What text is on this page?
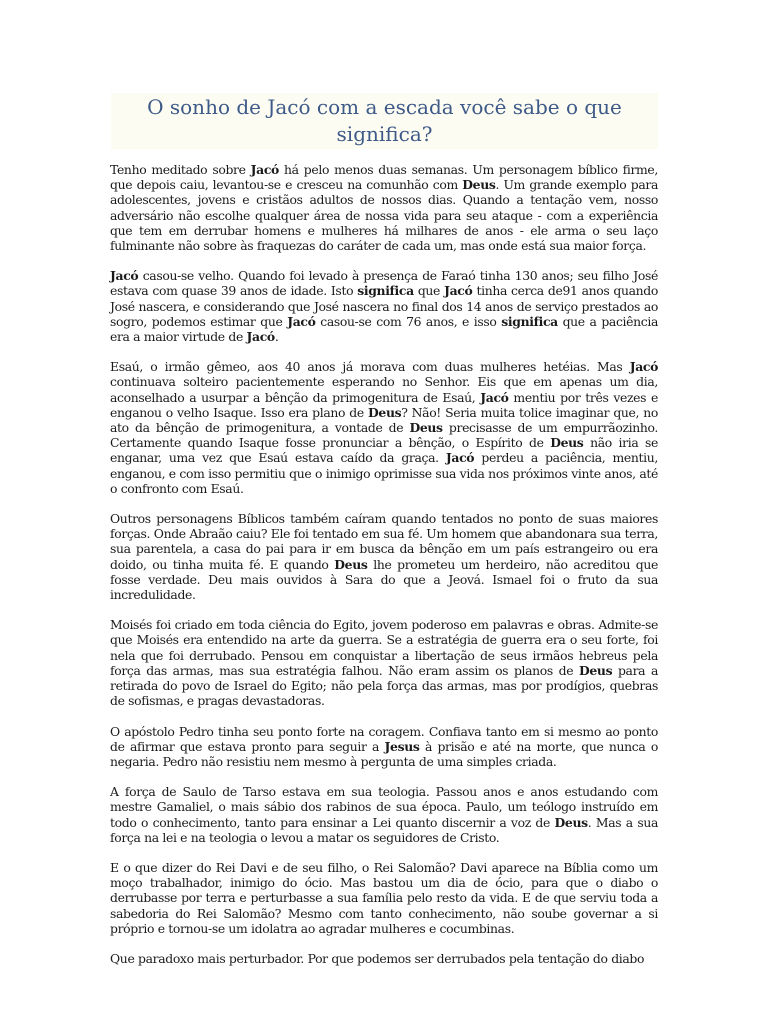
O sonho de Jacó com a escada você sabe o que significa?

Tenho meditado sobre Jacó há pelo menos duas semanas. Um personagem bíblico firme, que depois caiu, levantou-se e cresceu na comunhão com Deus. Um grande exemplo para adolescentes, jovens e cristãos adultos de nossos dias. Quando a tentação vem, nosso adversário não escolhe qualquer área de nossa vida para seu ataque - com a experiência que tem em derrubar homens e mulheres há milhares de anos - ele arma o seu laço fulminante não sobre às fraquezas do caráter de cada um, mas onde está sua maior força.

Jacó casou-se velho. Quando foi levado à presença de Faraó tinha 130 anos; seu filho José estava com quase 39 anos de idade. Isto significa que Jacó tinha cerca de91 anos quando José nascera, e considerando que José nascera no final dos 14 anos de serviço prestados ao sogro, podemos estimar que Jacó casou-se com 76 anos, e isso significa que a paciência era a maior virtude de Jacó.

Esaú, o irmão gêmeo, aos 40 anos já morava com duas mulheres hetéias. Mas Jacó continuava solteiro pacientemente esperando no Senhor. Eis que em apenas um dia, aconselhado a usurpar a bênção da primogenitura de Esaú, Jacó mentiu por três vezes e enganou o velho Isaque. Isso era plano de Deus? Não! Seria muita tolice imaginar que, no ato da bênção de primogenitura, a vontade de Deus precisasse de um empurrãozinho. Certamente quando Isaque fosse pronunciar a bênção, o Espírito de Deus não iria se enganar, uma vez que Esaú estava caído da graça. Jacó perdeu a paciência, mentiu, enganou, e com isso permitiu que o inimigo oprimisse sua vida nos próximos vinte anos, até o confronto com Esaú.

Outros personagens Bíblicos também caíram quando tentados no ponto de suas maiores forças. Onde Abraão caiu? Ele foi tentado em sua fé. Um homem que abandonara sua terra, sua parentela, a casa do pai para ir em busca da bênção em um país estrangeiro ou era doido, ou tinha muita fé. E quando Deus lhe prometeu um herdeiro, não acreditou que fosse verdade. Deu mais ouvidos à Sara do que a Jeová. Ismael foi o fruto da sua incredulidade.

Moisés foi criado em toda ciência do Egito, jovem poderoso em palavras e obras. Admite-se que Moisés era entendido na arte da guerra. Se a estratégia de guerra era o seu forte, foi nela que foi derrubado. Pensou em conquistar a libertação de seus irmãos hebreus pela força das armas, mas sua estratégia falhou. Não eram assim os planos de Deus para a retirada do povo de Israel do Egito; não pela força das armas, mas por prodígios, quebras de sofismas, e pragas devastadoras.

O apóstolo Pedro tinha seu ponto forte na coragem. Confiava tanto em si mesmo ao ponto de afirmar que estava pronto para seguir a Jesus à prisão e até na morte, que nunca o negaria. Pedro não resistiu nem mesmo à pergunta de uma simples criada.

A força de Saulo de Tarso estava em sua teologia. Passou anos e anos estudando com mestre Gamaliel, o mais sábio dos rabinos de sua época. Paulo, um teólogo instruído em todo o conhecimento, tanto para ensinar a Lei quanto discernir a voz de Deus. Mas a sua força na lei e na teologia o levou a matar os seguidores de Cristo.

E o que dizer do Rei Davi e de seu filho, o Rei Salomão? Davi aparece na Bíblia como um moço trabalhador, inimigo do ócio. Mas bastou um dia de ócio, para que o diabo o derrubasse por terra e perturbasse a sua família pelo resto da vida. E de que serviu toda a sabedoria do Rei Salomão? Mesmo com tanto conhecimento, não soube governar a si próprio e tornou-se um idolatra ao agradar mulheres e cocumbinas.

Que paradoxo mais perturbador. Por que podemos ser derrubados pela tentação do diabo
